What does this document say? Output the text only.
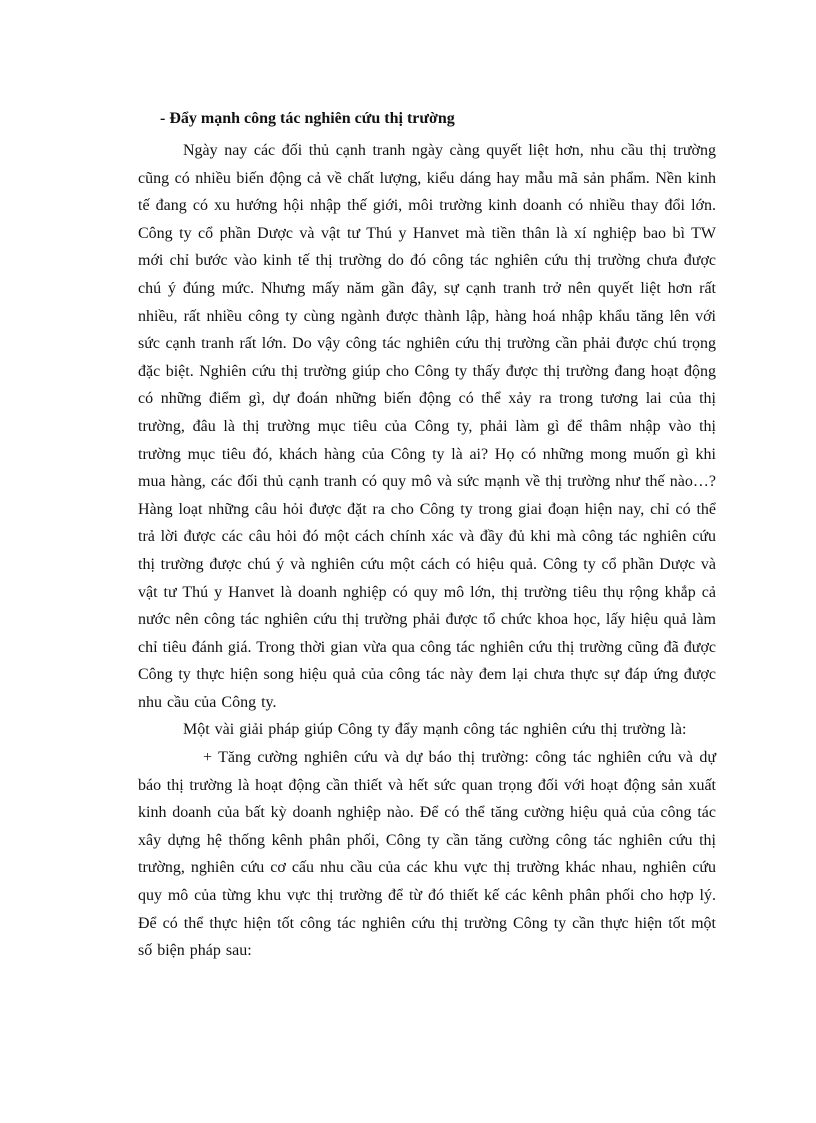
- Đẩy mạnh công tác nghiên cứu thị trường

Ngày nay các đối thủ cạnh tranh ngày càng quyết liệt hơn, nhu cầu thị trường cũng có nhiều biến động cả về chất lượng, kiểu dáng hay mẫu mã sản phẩm. Nền kinh tế đang có xu hướng hội nhập thế giới, môi trường kinh doanh có nhiều thay đổi lớn. Công ty cổ phần Dược và vật tư Thú y Hanvet mà tiền thân là xí nghiệp bao bì TW mới chỉ bước vào kinh tế thị trường do đó công tác nghiên cứu thị trường chưa được chú ý đúng mức. Nhưng mấy năm gần đây, sự cạnh tranh trở nên quyết liệt hơn rất nhiều, rất nhiều công ty cùng ngành được thành lập, hàng hoá nhập khẩu tăng lên với sức cạnh tranh rất lớn. Do vậy công tác nghiên cứu thị trường cần phải được chú trọng đặc biệt. Nghiên cứu thị trường giúp cho Công ty thấy được thị trường đang hoạt động có những điểm gì, dự đoán những biến động có thể xảy ra trong tương lai của thị trường, đâu là thị trường mục tiêu của Công ty, phải làm gì để thâm nhập vào thị trường mục tiêu đó, khách hàng của Công ty là ai? Họ có những mong muốn gì khi mua hàng, các đối thủ cạnh tranh có quy mô và sức mạnh về thị trường như thế nào…? Hàng loạt những câu hỏi được đặt ra cho Công ty trong giai đoạn hiện nay, chỉ có thể trả lời được các câu hỏi đó một cách chính xác và đầy đủ khi mà công tác nghiên cứu thị trường được chú ý và nghiên cứu một cách có hiệu quả. Công ty cổ phần Dược và vật tư Thú y Hanvet là doanh nghiệp có quy mô lớn, thị trường tiêu thụ rộng khắp cả nước nên công tác nghiên cứu thị trường phải được tổ chức khoa học, lấy hiệu quả làm chỉ tiêu đánh giá. Trong thời gian vừa qua công tác nghiên cứu thị trường cũng đã được Công ty thực hiện song hiệu quả của công tác này đem lại chưa thực sự đáp ứng được nhu cầu của Công ty.

Một vài giải pháp giúp Công ty đẩy mạnh công tác nghiên cứu thị trường là:

+ Tăng cường nghiên cứu và dự báo thị trường: công tác nghiên cứu và dự báo thị trường là hoạt động cần thiết và hết sức quan trọng đối với hoạt động sản xuất kinh doanh của bất kỳ doanh nghiệp nào. Để có thể tăng cường hiệu quả của công tác xây dựng hệ thống kênh phân phối, Công ty cần tăng cường công tác nghiên cứu thị trường, nghiên cứu cơ cấu nhu cầu của các khu vực thị trường khác nhau, nghiên cứu quy mô của từng khu vực thị trường để từ đó thiết kế các kênh phân phối cho hợp lý. Để có thể thực hiện tốt công tác nghiên cứu thị trường Công ty cần thực hiện tốt một số biện pháp sau:
